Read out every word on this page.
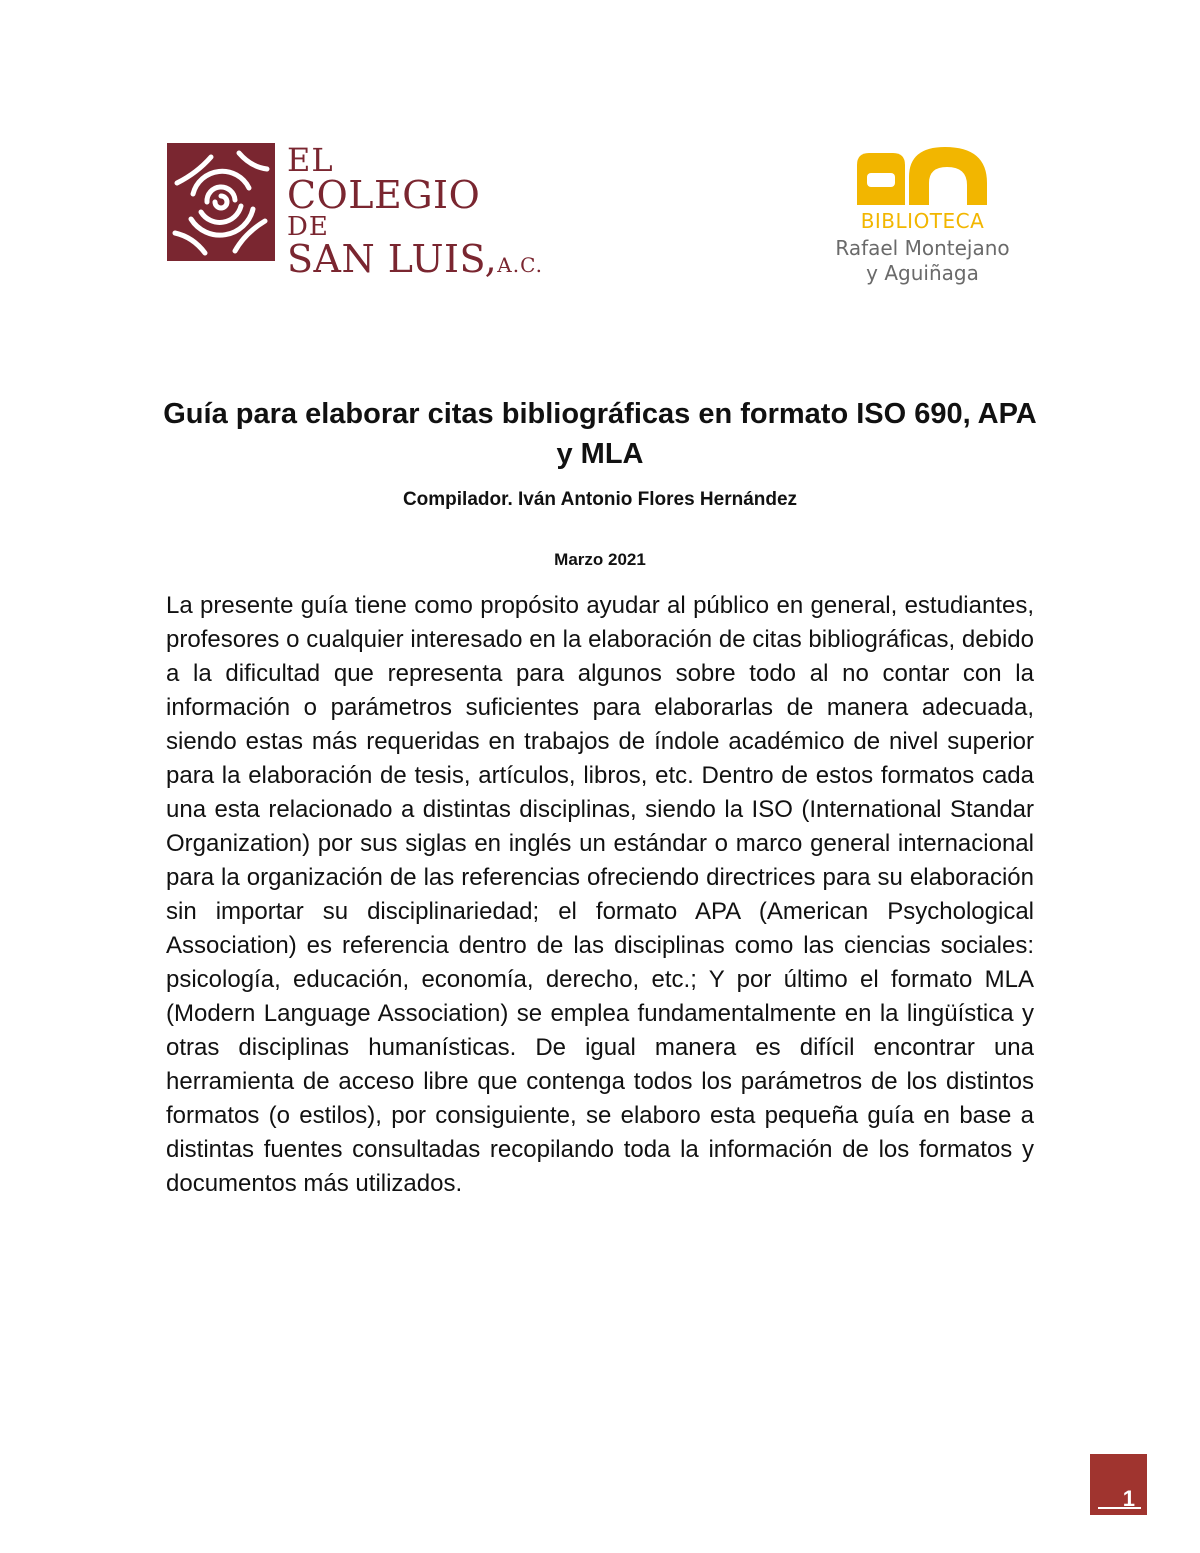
EL
COLEGIO
DE
SAN LUIS,A.C.
BIBLIOTECA
Rafael Montejano
y Aguiñaga
Guía para elaborar citas bibliográficas en formato ISO 690, APA y MLA

Compilador. Iván Antonio Flores Hernández

Marzo 2021

La presente guía tiene como propósito ayudar al público en general, estudiantes, profesores o cualquier interesado en la elaboración de citas bibliográficas, debido a la dificultad que representa para algunos sobre todo al no contar con la información o parámetros suficientes para elaborarlas de manera adecuada, siendo estas más requeridas en trabajos de índole académico de nivel superior para la elaboración de tesis, artículos, libros, etc. Dentro de estos formatos cada una esta relacionado a distintas disciplinas, siendo la ISO (International Standar Organization) por sus siglas en inglés un estándar o marco general internacional para la organización de las referencias ofreciendo directrices para su elaboración sin importar su disciplinariedad; el formato APA (American Psychological Association) es referencia dentro de las disciplinas como las ciencias sociales: psicología, educación, economía, derecho, etc.; Y por último el formato MLA (Modern Language Association) se emplea fundamentalmente en la lingüística y otras disciplinas humanísticas. De igual manera es difícil encontrar una herramienta de acceso libre que contenga todos los parámetros de los distintos formatos (o estilos), por consiguiente, se elaboro esta pequeña guía en base a distintas fuentes consultadas recopilando toda la información de los formatos y documentos más utilizados.

1
